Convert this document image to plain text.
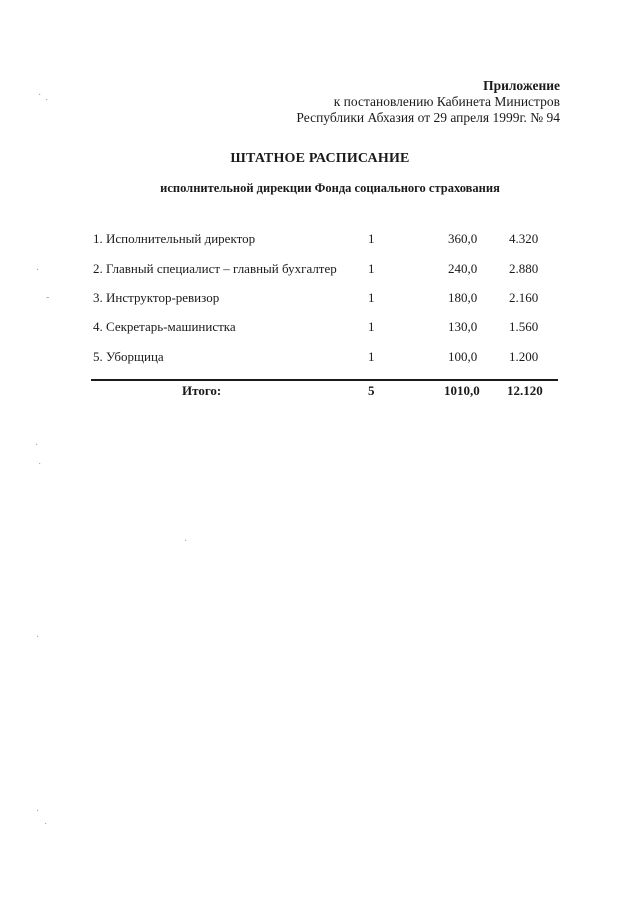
Приложение
к постановлению Кабинета Министров
Республики Абхазия от 29 апреля 1999г. № 94
ШТАТНОЕ РАСПИСАНИЕ
исполнительной дирекции Фонда социального страхования
1. Исполнительный директор	1	360,0 4.320
2. Главный специалист – главный бухгалтер 1	240,0 2.880
3. Инструктор-ревизор	1	180,0 2.160
4. Секретарь-машинистка	1	130,0 1.560
5. Уборщица	1	100,0 1.200
Итого:	5	1010,0 12.120
·
˙
·
-
·
˙
·
·
·
˙
